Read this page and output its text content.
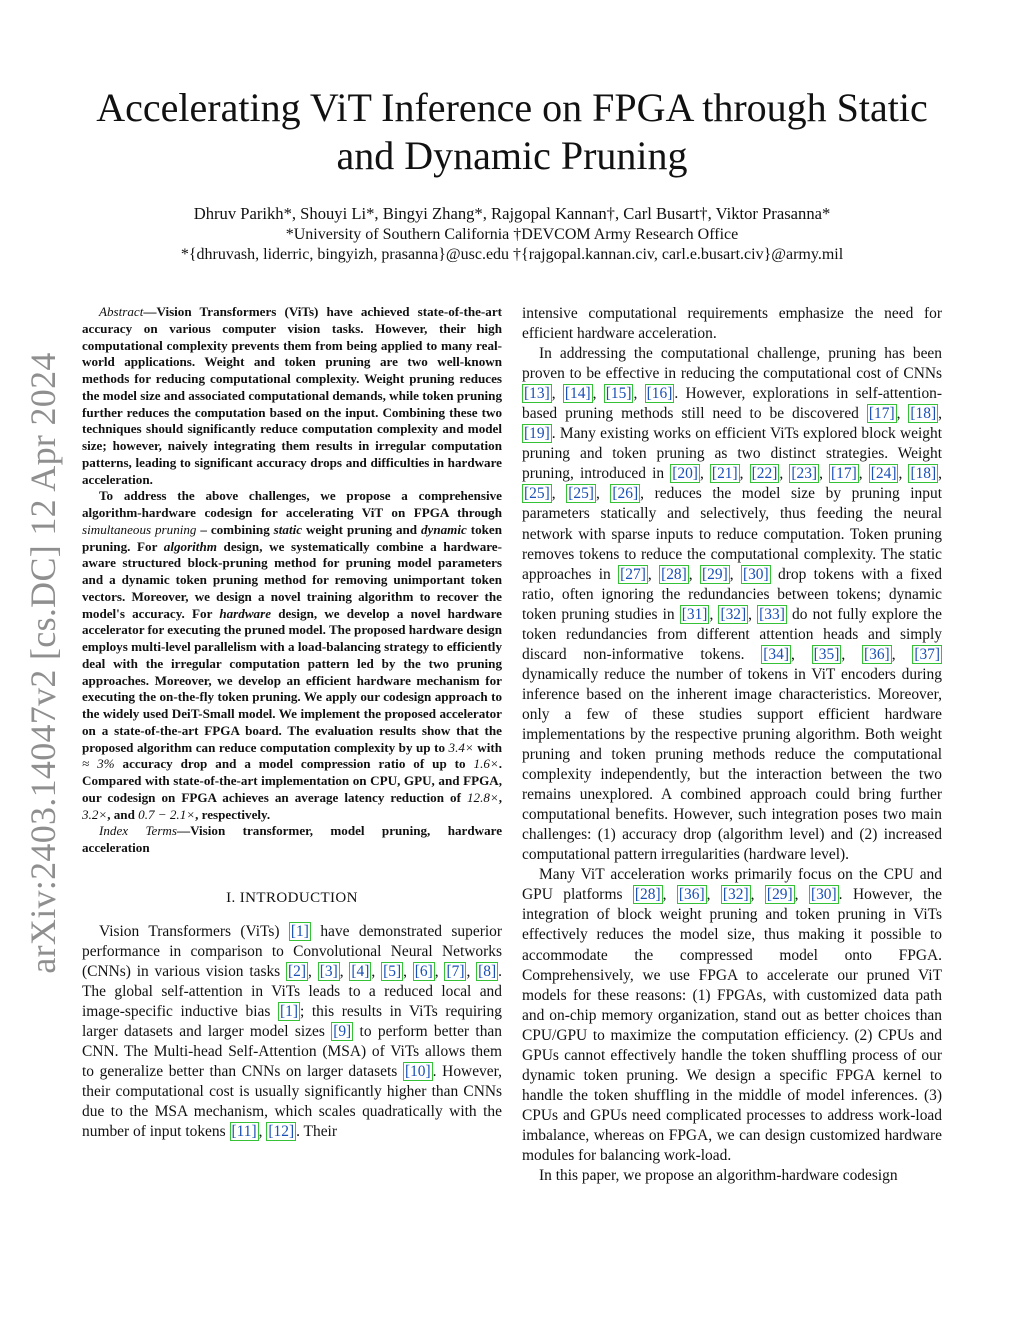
arXiv:2403.14047v2 [cs.DC] 12 Apr 2024
Accelerating ViT Inference on FPGA through Static
and Dynamic Pruning
Dhruv Parikh*, Shouyi Li*, Bingyi Zhang*, Rajgopal Kannan†, Carl Busart†, Viktor Prasanna*
*University of Southern California †DEVCOM Army Research Office
*{dhruvash, liderric, bingyizh, prasanna}@usc.edu †{rajgopal.kannan.civ, carl.e.busart.civ}@army.mil

Abstract—Vision Transformers (ViTs) have achieved state-of-the-art accuracy on various computer vision tasks. However, their high computational complexity prevents them from being applied to many real-world applications. Weight and token pruning are two well-known methods for reducing computational complexity. Weight pruning reduces the model size and associated computational demands, while token pruning further reduces the computation based on the input. Combining these two techniques should significantly reduce computation complexity and model size; however, naively integrating them results in irregular computation patterns, leading to significant accuracy drops and difficulties in hardware acceleration.

To address the above challenges, we propose a comprehensive algorithm-hardware codesign for accelerating ViT on FPGA through simultaneous pruning – combining static weight pruning and dynamic token pruning. For algorithm design, we systematically combine a hardware-aware structured block-pruning method for pruning model parameters and a dynamic token pruning method for removing unimportant token vectors. Moreover, we design a novel training algorithm to recover the model's accuracy. For hardware design, we develop a novel hardware accelerator for executing the pruned model. The proposed hardware design employs multi-level parallelism with a load-balancing strategy to efficiently deal with the irregular computation pattern led by the two pruning approaches. Moreover, we develop an efficient hardware mechanism for executing the on-the-fly token pruning. We apply our codesign approach to the widely used DeiT-Small model. We implement the proposed accelerator on a state-of-the-art FPGA board. The evaluation results show that the proposed algorithm can reduce computation complexity by up to 3.4× with ≈ 3% accuracy drop and a model compression ratio of up to 1.6×. Compared with state-of-the-art implementation on CPU, GPU, and FPGA, our codesign on FPGA achieves an average latency reduction of 12.8×, 3.2×, and 0.7 − 2.1×, respectively.

Index Terms—Vision transformer, model pruning, hardware acceleration

I. INTRODUCTION

Vision Transformers (ViTs) [1] have demonstrated superior performance in comparison to Convolutional Neural Networks (CNNs) in various vision tasks [2] , [3] , [4] , [5] , [6] , [7] , [8] . The global self-attention in ViTs leads to a reduced local and image-specific inductive bias [1] ; this results in ViTs requiring larger datasets and larger model sizes [9] to perform better than CNN. The Multi-head Self-Attention (MSA) of ViTs allows them to generalize better than CNNs on larger datasets [10] . However, their computational cost is usually significantly higher than CNNs due to the MSA mechanism, which scales quadratically with the number of input tokens [11] , [12] . Their

intensive computational requirements emphasize the need for efficient hardware acceleration.

In addressing the computational challenge, pruning has been proven to be effective in reducing the computational cost of CNNs [13] , [14] , [15] , [16] . However, explorations in self-attention-based pruning methods still need to be discovered [17] , [18] , [19] . Many existing works on efficient ViTs explored block weight pruning and token pruning as two distinct strategies. Weight pruning, introduced in [20] , [21] , [22] , [23] , [17] , [24] , [18] , [25] , [25] , [26] , reduces the model size by pruning input parameters statically and selectively, thus feeding the neural network with sparse inputs to reduce computation. Token pruning removes tokens to reduce the computational complexity. The static approaches in [27] , [28] , [29] , [30] drop tokens with a fixed ratio, often ignoring the redundancies between tokens; dynamic token pruning studies in [31] , [32] , [33] do not fully explore the token redundancies from different attention heads and simply discard non-informative tokens. [34] , [35] , [36] , [37] dynamically reduce the number of tokens in ViT encoders during inference based on the inherent image characteristics. Moreover, only a few of these studies support efficient hardware implementations by the respective pruning algorithm. Both weight pruning and token pruning methods reduce the computational complexity independently, but the interaction between the two remains unexplored. A combined approach could bring further computational benefits. However, such integration poses two main challenges: (1) accuracy drop (algorithm level) and (2) increased computational pattern irregularities (hardware level).

Many ViT acceleration works primarily focus on the CPU and GPU platforms [28] , [36] , [32] , [29] , [30] . However, the integration of block weight pruning and token pruning in ViTs effectively reduces the model size, thus making it possible to accommodate the compressed model onto FPGA. Comprehensively, we use FPGA to accelerate our pruned ViT models for these reasons: (1) FPGAs, with customized data path and on-chip memory organization, stand out as better choices than CPU/GPU to maximize the computation efficiency. (2) CPUs and GPUs cannot effectively handle the token shuffling process of our dynamic token pruning. We design a specific FPGA kernel to handle the token shuffling in the middle of model inferences. (3) CPUs and GPUs need complicated processes to address work-load imbalance, whereas on FPGA, we can design customized hardware modules for balancing work-load.

In this paper, we propose an algorithm-hardware codesign
